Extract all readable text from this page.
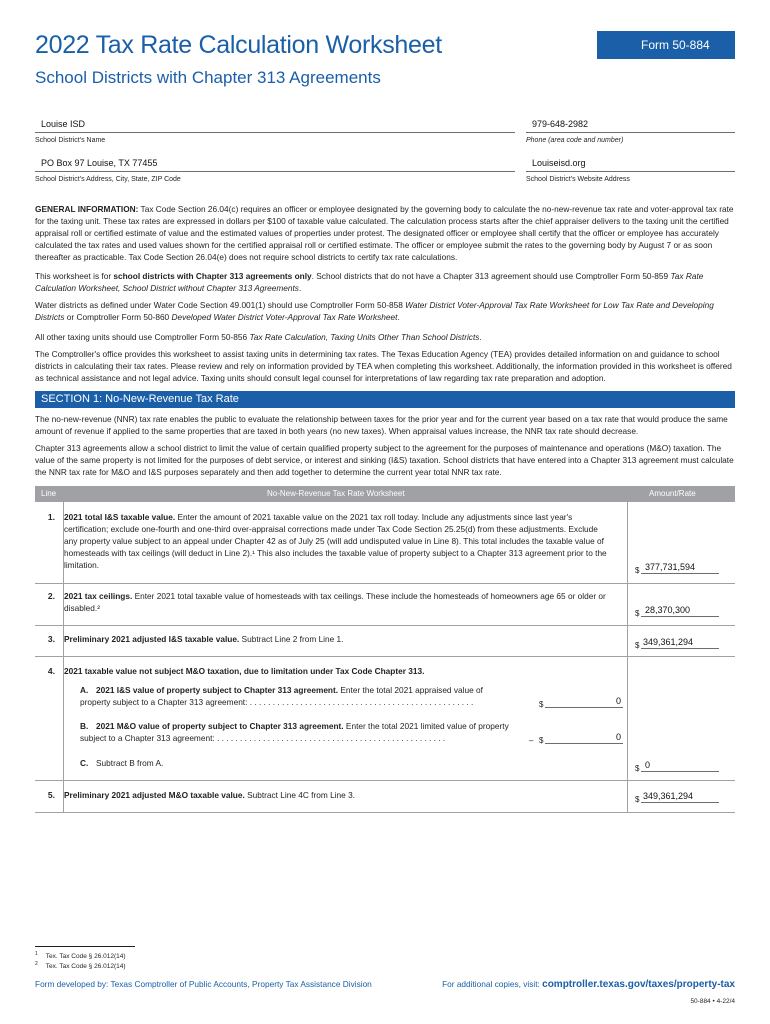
2022 Tax Rate Calculation Worksheet	Form 50-884
School Districts with Chapter 313 Agreements
Louise ISD
School District's Name
979-648-2982
Phone (area code and number)
PO Box 97 Louise, TX 77455
School District's Address, City, State, ZIP Code
Louiseisd.org
School District's Website Address
GENERAL INFORMATION: Tax Code Section 26.04(c) requires an officer or employee designated by the governing body to calculate the no-new-revenue tax rate and voter-approval tax rate for the taxing unit. These tax rates are expressed in dollars per $100 of taxable value calculated. The calculation process starts after the chief appraiser delivers to the taxing unit the certified appraisal roll or certified estimate of value and the estimated values of properties under protest. The designated officer or employee shall certify that the officer or employee has accurately calculated the tax rates and used values shown for the certified appraisal roll or certified estimate. The officer or employee submit the rates to the governing body by August 7 or as soon thereafter as practicable. Tax Code Section 26.04(e) does not require school districts to certify tax rate calculations.
This worksheet is for school districts with Chapter 313 agreements only. School districts that do not have a Chapter 313 agreement should use Comptroller Form 50-859 Tax Rate Calculation Worksheet, School District without Chapter 313 Agreements.
Water districts as defined under Water Code Section 49.001(1) should use Comptroller Form 50-858 Water District Voter-Approval Tax Rate Worksheet for Low Tax Rate and Developing Districts or Comptroller Form 50-860 Developed Water District Voter-Approval Tax Rate Worksheet.
All other taxing units should use Comptroller Form 50-856 Tax Rate Calculation, Taxing Units Other Than School Districts.
The Comptroller's office provides this worksheet to assist taxing units in determining tax rates. The Texas Education Agency (TEA) provides detailed information on and guidance to school districts in calculating their tax rates. Please review and rely on information provided by TEA when completing this worksheet. Additionally, the information provided in this worksheet is offered as technical assistance and not legal advice. Taxing units should consult legal counsel for interpretations of law regarding tax rate preparation and adoption.
SECTION 1: No-New-Revenue Tax Rate
The no-new-revenue (NNR) tax rate enables the public to evaluate the relationship between taxes for the prior year and for the current year based on a tax rate that would produce the same amount of revenue if applied to the same properties that are taxed in both years (no new taxes). When appraisal values increase, the NNR tax rate should decrease.
Chapter 313 agreements allow a school district to limit the value of certain qualified property subject to the agreement for the purposes of maintenance and operations (M&O) taxation. The value of the same property is not limited for the purposes of debt service, or interest and sinking (I&S) taxation. School districts that have entered into a Chapter 313 agreement must calculate the NNR tax rate for M&O and I&S purposes separately and then add together to determine the current year total NNR tax rate.
Line	No-New-Revenue Tax Rate Worksheet	Amount/Rate
1. 2021 total I&S taxable value. Enter the amount of 2021 taxable value on the 2021 tax roll today. Include any adjustments since last year's certification; exclude one-fourth and one-third over-appraisal corrections made under Tax Code Section 25.25(d) from these adjustments. Exclude any property value subject to an appeal under Chapter 42 as of July 25 (will add undisputed value in Line 8). This total includes the taxable value of homesteads with tax ceilings (will deduct in Line 2).¹ This also includes the taxable value of property subject to a Chapter 313 agreement prior to the limitation.
$ 377,731,594
2. 2021 tax ceilings. Enter 2021 total taxable value of homesteads with tax ceilings. These include the homesteads of homeowners age 65 or older or disabled.²
$ 28,370,300
3. Preliminary 2021 adjusted I&S taxable value. Subtract Line 2 from Line 1.
$ 349,361,294
4. 2021 taxable value not subject M&O taxation, due to limitation under Tax Code Chapter 313.
A. 2021 I&S value of property subject to Chapter 313 agreement. Enter the total 2021 appraised value of property subject to a Chapter 313 agreement: . . . . . . . . . . . . . . . . . . . . . . . . . . . . . . . . . . . . . . . . . . . . . . . . .	$	0
B. 2021 M&O value of property subject to Chapter 313 agreement. Enter the total 2021 limited value of property subject to a Chapter 313 agreement: . . . . . . . . . . . . . . . . . . . . . . . . . . . . . . . . . . . . . . . . . . . . . . . . . .	– $	0
C. Subtract B from A.
$ 0
5. Preliminary 2021 adjusted M&O taxable value. Subtract Line 4C from Line 3.	$ 349,361,294
$^1$ Tex. Tax Code § 26.012(14)
$^2$ Tex. Tax Code § 26.012(14)
Form developed by: Texas Comptroller of Public Accounts, Property Tax Assistance Division	For additional copies, visit: comptroller.texas.gov/taxes/property-tax
50-884 • 4-22/4
